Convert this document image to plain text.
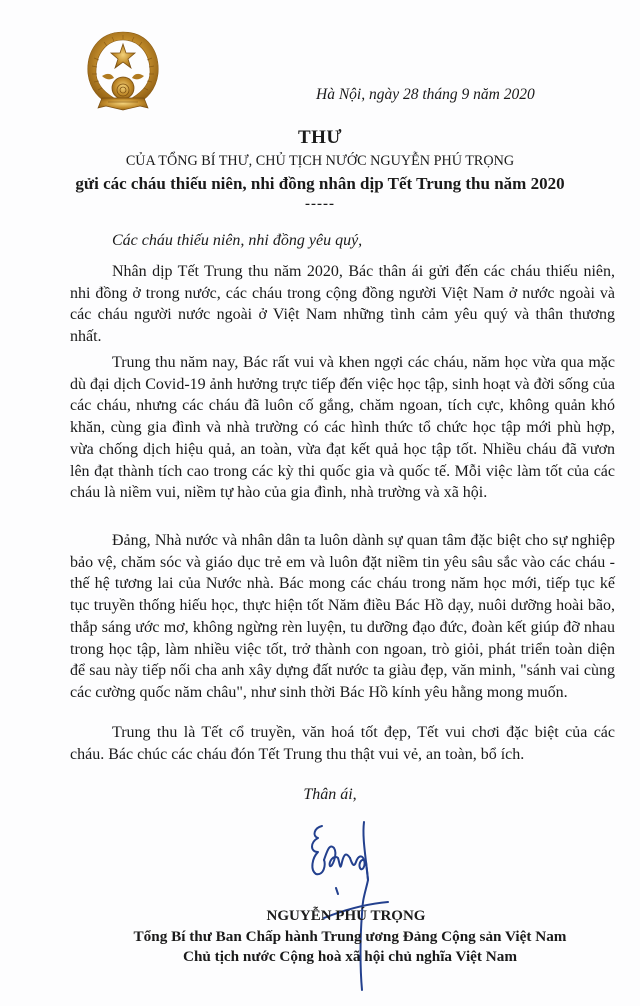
Hà Nội, ngày 28 tháng 9 năm 2020
THƯ
CỦA TỔNG BÍ THƯ, CHỦ TỊCH NƯỚC NGUYỄN PHÚ TRỌNG
gửi các cháu thiếu niên, nhi đồng nhân dịp Tết Trung thu năm 2020
-----
Các cháu thiếu niên, nhi đồng yêu quý,

Nhân dịp Tết Trung thu năm 2020, Bác thân ái gửi đến các cháu thiếu niên, nhi đồng ở trong nước, các cháu trong cộng đồng người Việt Nam ở nước ngoài và các cháu người nước ngoài ở Việt Nam những tình cảm yêu quý và thân thương nhất.

Trung thu năm nay, Bác rất vui và khen ngợi các cháu, năm học vừa qua mặc dù đại dịch Covid-19 ảnh hưởng trực tiếp đến việc học tập, sinh hoạt và đời sống của các cháu, nhưng các cháu đã luôn cố gắng, chăm ngoan, tích cực, không quản khó khăn, cùng gia đình và nhà trường có các hình thức tổ chức học tập mới phù hợp, vừa chống dịch hiệu quả, an toàn, vừa đạt kết quả học tập tốt. Nhiều cháu đã vươn lên đạt thành tích cao trong các kỳ thi quốc gia và quốc tế. Mỗi việc làm tốt của các cháu là niềm vui, niềm tự hào của gia đình, nhà trường và xã hội.

Đảng, Nhà nước và nhân dân ta luôn dành sự quan tâm đặc biệt cho sự nghiệp bảo vệ, chăm sóc và giáo dục trẻ em và luôn đặt niềm tin yêu sâu sắc vào các cháu - thế hệ tương lai của Nước nhà. Bác mong các cháu trong năm học mới, tiếp tục kế tục truyền thống hiếu học, thực hiện tốt Năm điều Bác Hồ dạy, nuôi dưỡng hoài bão, thắp sáng ước mơ, không ngừng rèn luyện, tu dưỡng đạo đức, đoàn kết giúp đỡ nhau trong học tập, làm nhiều việc tốt, trở thành con ngoan, trò giỏi, phát triển toàn diện để sau này tiếp nối cha anh xây dựng đất nước ta giàu đẹp, văn minh, "sánh vai cùng các cường quốc năm châu", như sinh thời Bác Hồ kính yêu hằng mong muốn.

Trung thu là Tết cổ truyền, văn hoá tốt đẹp, Tết vui chơi đặc biệt của các cháu. Bác chúc các cháu đón Tết Trung thu thật vui vẻ, an toàn, bổ ích.

Thân ái,
NGUYỄN PHÚ TRỌNG
Tổng Bí thư Ban Chấp hành Trung ương Đảng Cộng sản Việt Nam
Chủ tịch nước Cộng hoà xã hội chủ nghĩa Việt Nam
